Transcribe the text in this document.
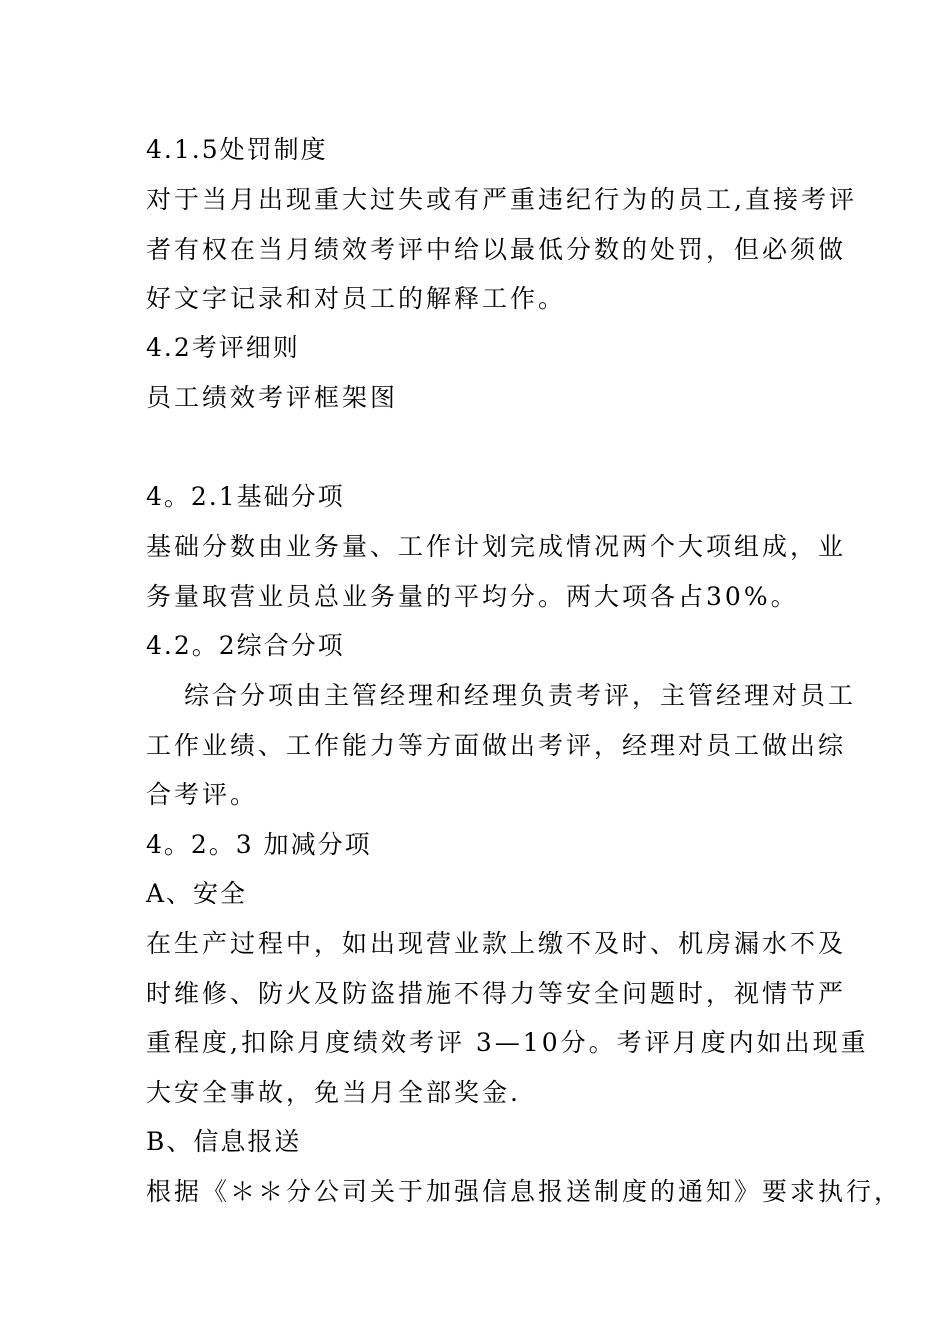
4.1.5处罚制度
对于当月出现重大过失或有严重违纪行为的员工,直接考评
者有权在当月绩效考评中给以最低分数的处罚，但必须做
好文字记录和对员工的解释工作。
4.2考评细则
员工绩效考评框架图
4。2.1基础分项
基础分数由业务量、工作计划完成情况两个大项组成，业
务量取营业员总业务量的平均分。两大项各占30%。
4.2。2综合分项
综合分项由主管经理和经理负责考评，主管经理对员工
工作业绩、工作能力等方面做出考评，经理对员工做出综
合考评。
4。2。3 加减分项
A、安全
在生产过程中，如出现营业款上缴不及时、机房漏水不及
时维修、防火及防盗措施不得力等安全问题时，视情节严
重程度,扣除月度绩效考评 3—10分。考评月度内如出现重
大安全事故，免当月全部奖金.
B、信息报送
根据《＊＊分公司关于加强信息报送制度的通知》要求执行，
